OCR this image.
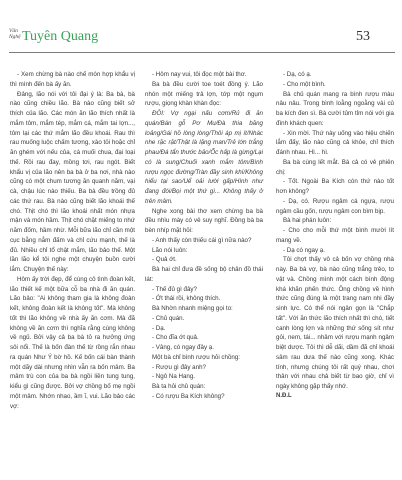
Văn
Nghệ Tuyên Quang	53

- Xem chừng bà nào chế món hợp khẩu vị thì mình đến bà ấy ăn.

Đảng, lão nói với tôi đại ý là: Ba bà, bà nào cũng chiều lão. Bà nào cũng biết sở thích của lão. Các món ăn lão thích nhất là mắm tôm, mắm tép, mắm cá, mắm tai lợn..., tôm lại các thứ mắm lão đều khoái. Rau thì rau muống luộc chấm tương, xào tỏi hoặc chỉ ăn ghém với nếu của, cá muối chua, đại loại thế. Rồi rau đay, mồng tơi, rau ngót. Biết khẩu vị của lão nên ba bà ở ba nơi, nhà nào cũng có một chum tương ăn quanh năm, vại cà, chậu lúc nào thiếu. Ba bà đều trồng đủ các thứ rau. Bà nào cũng biết lão khoái thế chó. Thịt chó thì lão khoái nhất món nhựa mận và món hầm. Thịt chó chặt miếng to nhứ năm đốm, hầm nhừ. Mỗi bữa lão chỉ cần một cục bằng nắm đấm và chỉ cứu mạnh, thế là đủ. Nhiều chỉ tổ chật mắm, lão bảo thế. Một lần lão kể tôi nghe một chuyện buồn cười lắm. Chuyện thế này:

Hôm ấy trời đẹp, để cùng cô tình đoàn kết, lão thiết kế một bữa cỗ ba nhà đi ăn quán. Lão bảo: "Ai không tham gia là không đoàn kết, không đoàn kết là không tốt". Mà không tốt thì lão không về nhà ấy ăn cơm. Mà đã không về ăn cơm thì nghĩa rằng cùng không về ngủ. Bởi vậy cả ba bà tỏ ra hưởng ứng sôi nổi. Thế là bốn đàn thế từ rồng rắn nhau ra quán Như Ý bờ hồ. Kế bốn cái bàn thành một dãy dài nhưng nhìn vẫn ra bốn mâm. Ba mâm trù con của ba bà ngồi liền tung tung, kiểu gì cũng được. Bởi vợ chồng bố mẹ ngồi một mâm. Nhớn nhao, ầm ĩ, vui. Lão bảo các vợ:

- Hôm nay vui, tôi đọc một bài thơ.

Ba bà đều cười toe toét đồng ý. Lão nhón một miếng trả lợn, tớp một ngụm rượu, giọng khàn khàn đọc:

ĐÔI: Vợ ngại nấu cơm/Rủ đi ăn quán/Bán gỗ Pơ Mu/Đà thia băng loảng/Gái hồ lòng lòng/Thôi áp mị ít/Nhác nhe rặc rặt/Thật là lặng man/Trẻ lớn trắng phau/Đá tẩn thước bảo/Ốc hấp là gừng/Lại có là sung/Chuối xanh mắm tôm/Bình rượu ngọc đường/Tràn đầy sinh khí/Không hiểu tại sao/Uể oải lười gấp/Hình như đang đói/Bọi một thứ gì... Không thấy ở trên mâm.

Nghe xong bài thơ xem chừng ba bà đều nhìu mày có vẻ suy nghĩ. Đồng bà ba bèn nhíp mặt hỏi:

- Anh thấy còn thiếu cái gì nữa nào?

Lão nói luôn:

- Quả ớt.

Bà hai chỉ đưa đề sống bộ chân đồ thái lát:

- Thế đủ gì đây?

- Ớt thái rồi, không thích.

Bà Nhờn nhanh miệng gọi to:

- Chủ quán.

- Dạ.

- Cho đĩa ớt quả.

- Vâng, có ngay đây ạ.

Một bà chỉ bình rượu hỏi chồng:

- Rượu gì đây anh?

- Ngô Na Hang.

Bà ta hỏi chủ quán:

- Có rượu Ba Kích không?

- Dạ, có ạ.

- Cho một bình.

Bà chủ quán mang ra bình rượu màu nâu nâu. Trong bình loằng ngoằng vài củ ba kích đen sì. Bà cười tủm tỉm nói với gia đình khách quen:

- Xin mời. Thứ này uống vào hiệu chiến lắm đấy, lão nào cũng cả khỏe, chỉ thích đánh nhau. Hì... hì.

Ba bà cùng lết mắt. Bà cả có vẻ phiên chị:

- Tốt. Ngoài Ba Kích còn thứ nào tốt hơn không?

- Dạ, có. Rượu ngâm cá ngựa, rượu ngâm cầu gốn, rượu ngâm con bìm bịp.

Bà hai phán luôn:

- Cho cho mỗi thứ một bình mười lít mang về.

- Dạ có ngay ạ.

Tôi chợt thấy vô cả bốn vợ chồng nhà này. Ba bà vợ, bà nào cũng trắng trẻo, to vật và. Chồng mình một cách bình động khá khăn phến thức. Ông chồng về hình thức cũng đúng là một trang nam nhi đầy sinh lực. Có thể nói ngân gọn là "Chắp tất". Với ăn thức lão thích nhất thì chó, tiết canh lòng lợn và những thứ sống sít như gỏi, nem, tái... nhâm với rượu mạnh ngâm biệt dược. Tôi thì dễ dãi, dầm đã chỉ khoái sâm rau dưa thế nào cũng xong. Khác tính, nhưng chúng tôi rất quý nhau, chơi thân với nhau chả biết từ bao giờ, chỉ vì ngày không gặp thấy nhớ.

N.Đ.L
